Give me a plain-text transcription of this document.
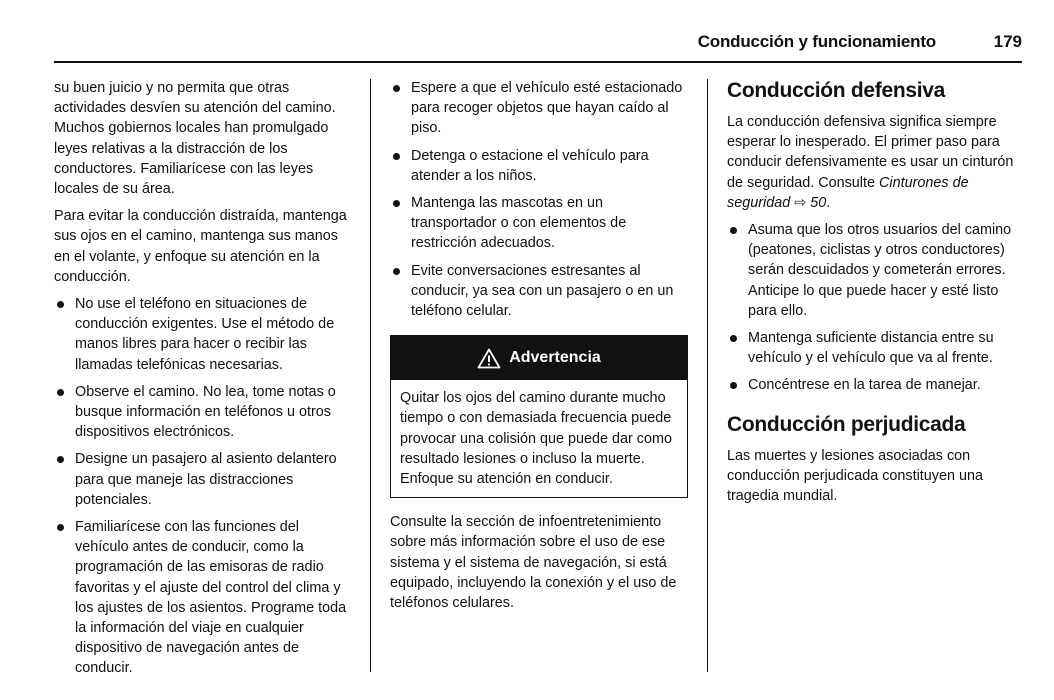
Conducción y funcionamiento	179

su buen juicio y no permita que otras actividades desvíen su atención del camino. Muchos gobiernos locales han promulgado leyes relativas a la distracción de los conductores. Familiarícese con las leyes locales de su área.

Para evitar la conducción distraída, mantenga sus ojos en el camino, mantenga sus manos en el volante, y enfoque su atención en la conducción.

No use el teléfono en situaciones de conducción exigentes. Use el método de manos libres para hacer o recibir las llamadas telefónicas necesarias.
Observe el camino. No lea, tome notas o busque información en teléfonos u otros dispositivos electrónicos.
Designe un pasajero al asiento delantero para que maneje las distracciones potenciales.
Familiarícese con las funciones del vehículo antes de conducir, como la programación de las emisoras de radio favoritas y el ajuste del control del clima y los ajustes de los asientos. Programe toda la información del viaje en cualquier dispositivo de navegación antes de conducir.
Espere a que el vehículo esté estacionado para recoger objetos que hayan caído al piso.
Detenga o estacione el vehículo para atender a los niños.
Mantenga las mascotas en un transportador o con elementos de restricción adecuados.
Evite conversaciones estresantes al conducir, ya sea con un pasajero o en un teléfono celular.
Advertencia
Quitar los ojos del camino durante mucho tiempo o con demasiada frecuencia puede provocar una colisión que puede dar como resultado lesiones o incluso la muerte. Enfoque su atención en conducir.

Consulte la sección de infoentretenimiento sobre más información sobre el uso de ese sistema y el sistema de navegación, si está equipado, incluyendo la conexión y el uso de teléfonos celulares.

Conducción defensiva

La conducción defensiva significa siempre esperar lo inesperado. El primer paso para conducir defensivamente es usar un cinturón de seguridad. Consulte Cinturones de seguridad ⇨ 50.

Asuma que los otros usuarios del camino (peatones, ciclistas y otros conductores) serán descuidados y cometerán errores. Anticipe lo que puede hacer y esté listo para ello.
Mantenga suficiente distancia entre su vehículo y el vehículo que va al frente.
Concéntrese en la tarea de manejar.
Conducción perjudicada

Las muertes y lesiones asociadas con conducción perjudicada constituyen una tragedia mundial.
